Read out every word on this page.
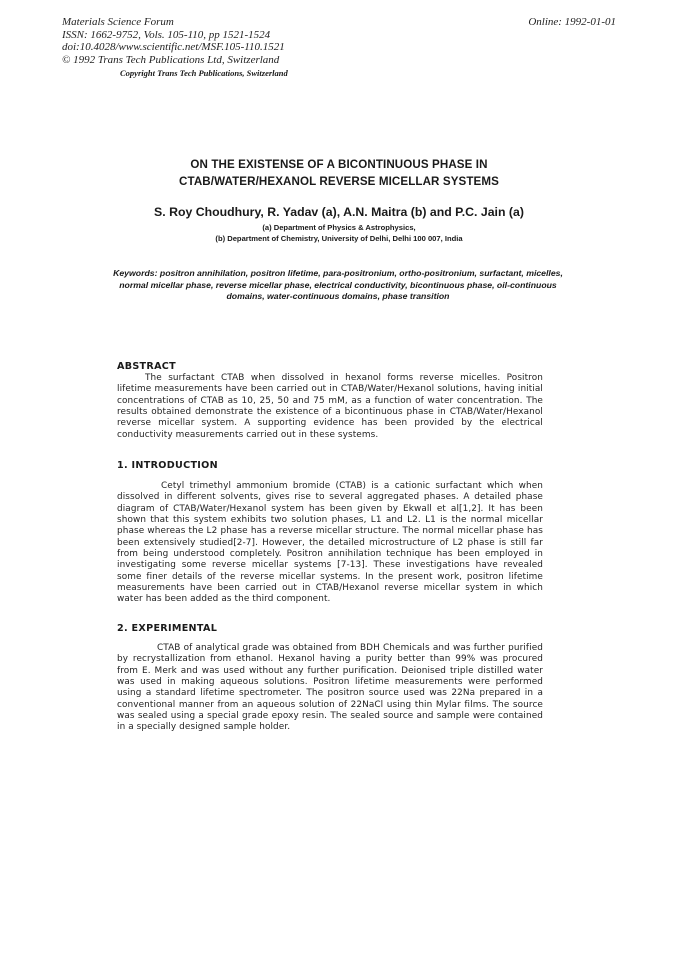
Materials Science Forum
ISSN: 1662-9752, Vols. 105-110, pp 1521-1524
doi:10.4028/www.scientific.net/MSF.105-110.1521
© 1992 Trans Tech Publications Ltd, Switzerland
Online: 1992-01-01
Copyright Trans Tech Publications, Switzerland
ON THE EXISTENSE OF A BICONTINUOUS PHASE IN
CTAB/WATER/HEXANOL REVERSE MICELLAR SYSTEMS
S. Roy Choudhury, R. Yadav (a), A.N. Maitra (b) and P.C. Jain (a)
(a) Department of Physics & Astrophysics,
(b) Department of Chemistry, University of Delhi, Delhi 100 007, India
Keywords: positron annihilation, positron lifetime, para-positronium, ortho-positronium, surfactant, micelles, normal micellar phase, reverse micellar phase, electrical conductivity, bicontinuous phase, oil-continuous domains, water-continuous domains, phase transition
ABSTRACT

The surfactant CTAB when dissolved in hexanol forms reverse micelles. Positron lifetime measurements have been carried out in CTAB/Water/Hexanol solutions, having initial concentrations of CTAB as 10, 25, 50 and 75 mM, as a function of water concentration. The results obtained demonstrate the existence of a bicontinuous phase in CTAB/Water/Hexanol reverse micellar system. A supporting evidence has been provided by the electrical conductivity measurements carried out in these systems.

1. INTRODUCTION

Cetyl trimethyl ammonium bromide (CTAB) is a cationic surfactant which when dissolved in different solvents, gives rise to several aggregated phases. A detailed phase diagram of CTAB/Water/Hexanol system has been given by Ekwall et al[1,2]. It has been shown that this system exhibits two solution phases, L1 and L2. L1 is the normal micellar phase whereas the L2 phase has a reverse micellar structure. The normal micellar phase has been extensively studied[2-7]. However, the detailed microstructure of L2 phase is still far from being understood completely. Positron annihilation technique has been employed in investigating some reverse micellar systems [7-13]. These investigations have revealed some finer details of the reverse micellar systems. In the present work, positron lifetime measurements have been carried out in CTAB/Hexanol reverse micellar system in which water has been added as the third component.

2. EXPERIMENTAL

CTAB of analytical grade was obtained from BDH Chemicals and was further purified by recrystallization from ethanol. Hexanol having a purity better than 99% was procured from E. Merk and was used without any further purification. Deionised triple distilled water was used in making aqueous solutions. Positron lifetime measurements were performed using a standard lifetime spectrometer. The positron source used was 22Na prepared in a conventional manner from an aqueous solution of 22NaCl using thin Mylar films. The source was sealed using a special grade epoxy resin. The sealed source and sample were contained in a specially designed sample holder.
